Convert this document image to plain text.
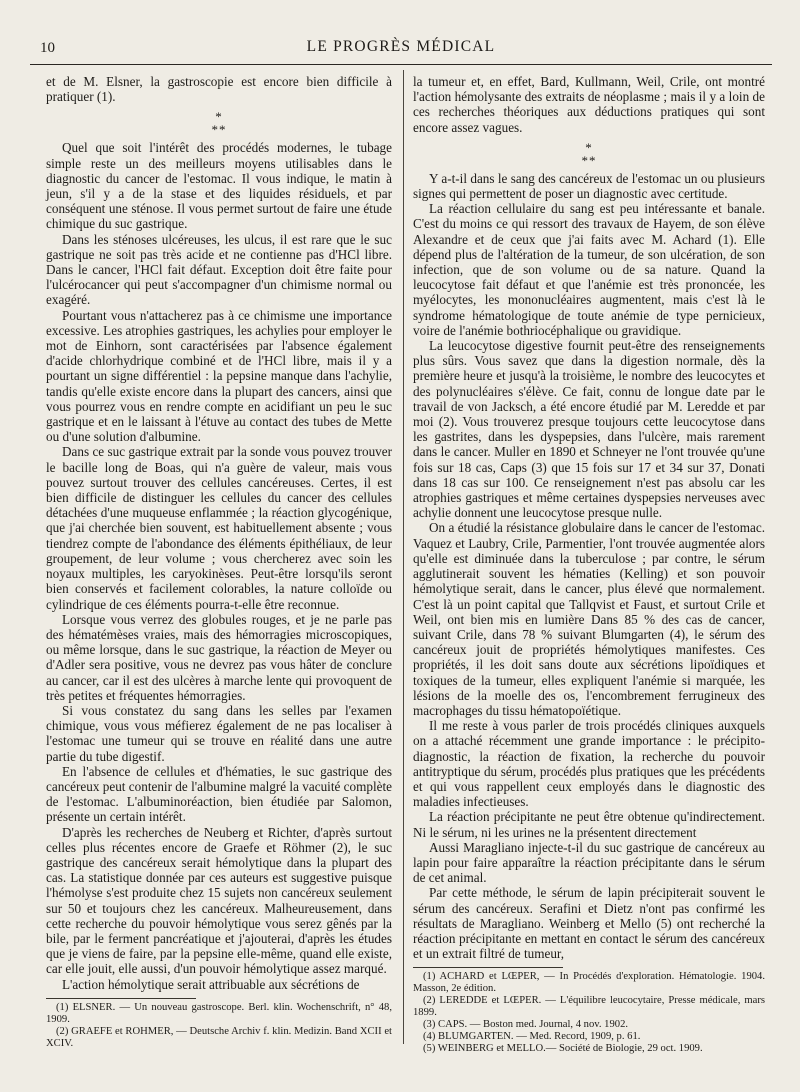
10	LE PROGRÈS MÉDICAL

et de M. Elsner, la gastroscopie est encore bien difficile à pratiquer (1).

*
**

Quel que soit l'intérêt des procédés modernes, le tubage simple reste un des meilleurs moyens utilisables dans le diagnostic du cancer de l'estomac. Il vous indique, le matin à jeun, s'il y a de la stase et des liquides résiduels, et par conséquent une sténose. Il vous permet surtout de faire une étude chimique du suc gastrique.

Dans les sténoses ulcéreuses, les ulcus, il est rare que le suc gastrique ne soit pas très acide et ne contienne pas d'HCl libre. Dans le cancer, l'HCl fait défaut. Exception doit être faite pour l'ulcérocancer qui peut s'accompagner d'un chimisme normal ou exagéré.

Pourtant vous n'attacherez pas à ce chimisme une importance excessive. Les atrophies gastriques, les achylies pour employer le mot de Einhorn, sont caractérisées par l'absence également d'acide chlorhydrique combiné et de l'HCl libre, mais il y a pourtant un signe différentiel : la pepsine manque dans l'achylie, tandis qu'elle existe encore dans la plupart des cancers, ainsi que vous pourrez vous en rendre compte en acidifiant un peu le suc gastrique et en le laissant à l'étuve au contact des tubes de Mette ou d'une solution d'albumine.

Dans ce suc gastrique extrait par la sonde vous pouvez trouver le bacille long de Boas, qui n'a guère de valeur, mais vous pouvez surtout trouver des cellules cancéreuses. Certes, il est bien difficile de distinguer les cellules du cancer des cellules détachées d'une muqueuse enflammée ; la réaction glycogénique, que j'ai cherchée bien souvent, est habituellement absente ; vous tiendrez compte de l'abondance des éléments épithéliaux, de leur groupement, de leur volume ; vous chercherez avec soin les noyaux multiples, les caryokinèses. Peut-être lorsqu'ils seront bien conservés et facilement colorables, la nature colloïde ou cylindrique de ces éléments pourra-t-elle être reconnue.

Lorsque vous verrez des globules rouges, et je ne parle pas des hématémèses vraies, mais des hémorragies microscopiques, ou même lorsque, dans le suc gastrique, la réaction de Meyer ou d'Adler sera positive, vous ne devrez pas vous hâter de conclure au cancer, car il est des ulcères à marche lente qui provoquent de très petites et fréquentes hémorragies.

Si vous constatez du sang dans les selles par l'examen chimique, vous vous méfierez également de ne pas localiser à l'estomac une tumeur qui se trouve en réalité dans une autre partie du tube digestif.

En l'absence de cellules et d'hématies, le suc gastrique des cancéreux peut contenir de l'albumine malgré la vacuité complète de l'estomac. L'albuminoréaction, bien étudiée par Salomon, présente un certain intérêt.

D'après les recherches de Neuberg et Richter, d'après surtout celles plus récentes encore de Graefe et Röhmer (2), le suc gastrique des cancéreux serait hémolytique dans la plupart des cas. La statistique donnée par ces auteurs est suggestive puisque l'hémolyse s'est produite chez 15 sujets non cancéreux seulement sur 50 et toujours chez les cancéreux. Malheureusement, dans cette recherche du pouvoir hémolytique vous serez gênés par la bile, par le ferment pancréatique et j'ajouterai, d'après les études que je viens de faire, par la pepsine elle-même, quand elle existe, car elle jouit, elle aussi, d'un pouvoir hémolytique assez marqué.

L'action hémolytique serait attribuable aux sécrétions de

(1) ELSNER. — Un nouveau gastroscope. Berl. klin. Wochenschrift, n° 48, 1909.

(2) GRAEFE et ROHMER, — Deutsche Archiv f. klin. Medizin. Band XCII et XCIV.

la tumeur et, en effet, Bard, Kullmann, Weil, Crile, ont montré l'action hémolysante des extraits de néoplasme ; mais il y a loin de ces recherches théoriques aux déductions pratiques qui sont encore assez vagues.

*
**

Y a-t-il dans le sang des cancéreux de l'estomac un ou plusieurs signes qui permettent de poser un diagnostic avec certitude.

La réaction cellulaire du sang est peu intéressante et banale. C'est du moins ce qui ressort des travaux de Hayem, de son élève Alexandre et de ceux que j'ai faits avec M. Achard (1). Elle dépend plus de l'altération de la tumeur, de son ulcération, de son infection, que de son volume ou de sa nature. Quand la leucocytose fait défaut et que l'anémie est très prononcée, les myélocytes, les mononucléaires augmentent, mais c'est là le syndrome hématologique de toute anémie de type pernicieux, voire de l'anémie bothriocéphalique ou gravidique.

La leucocytose digestive fournit peut-être des renseignements plus sûrs. Vous savez que dans la digestion normale, dès la première heure et jusqu'à la troisième, le nombre des leucocytes et des polynucléaires s'élève. Ce fait, connu de longue date par le travail de von Jacksch, a été encore étudié par M. Leredde et par moi (2). Vous trouverez presque toujours cette leucocytose dans les gastrites, dans les dyspepsies, dans l'ulcère, mais rarement dans le cancer. Muller en 1890 et Schneyer ne l'ont trouvée qu'une fois sur 18 cas, Caps (3) que 15 fois sur 17 et 34 sur 37, Donati dans 18 cas sur 100. Ce renseignement n'est pas absolu car les atrophies gastriques et même certaines dyspepsies nerveuses avec achylie donnent une leucocytose presque nulle.

On a étudié la résistance globulaire dans le cancer de l'estomac. Vaquez et Laubry, Crile, Parmentier, l'ont trouvée augmentée alors qu'elle est diminuée dans la tuberculose ; par contre, le sérum agglutinerait souvent les hématies (Kelling) et son pouvoir hémolytique serait, dans le cancer, plus élevé que normalement. C'est là un point capital que Tallqvist et Faust, et surtout Crile et Weil, ont bien mis en lumière Dans 85 % des cas de cancer, suivant Crile, dans 78 % suivant Blumgarten (4), le sérum des cancéreux jouit de propriétés hémolytiques manifestes. Ces propriétés, il les doit sans doute aux sécrétions lipoïdiques et toxiques de la tumeur, elles expliquent l'anémie si marquée, les lésions de la moelle des os, l'encombrement ferrugineux des macrophages du tissu hématopoïétique.

Il me reste à vous parler de trois procédés cliniques auxquels on a attaché récemment une grande importance : le précipito-diagnostic, la réaction de fixation, la recherche du pouvoir antitryptique du sérum, procédés plus pratiques que les précédents et qui vous rappellent ceux employés dans le diagnostic des maladies infectieuses.

La réaction précipitante ne peut être obtenue qu'indirectement. Ni le sérum, ni les urines ne la présentent directement

Aussi Maragliano injecte-t-il du suc gastrique de cancéreux au lapin pour faire apparaître la réaction précipitante dans le sérum de cet animal.

Par cette méthode, le sérum de lapin précipiterait souvent le sérum des cancéreux. Serafini et Dietz n'ont pas confirmé les résultats de Maragliano. Weinberg et Mello (5) ont recherché la réaction précipitante en mettant en contact le sérum des cancéreux et un extrait filtré de tumeur,

(1) ACHARD et LŒPER, — In Procédés d'exploration. Hématologie. 1904. Masson, 2e édition.

(2) LEREDDE et LŒPER. — L'équilibre leucocytaire, Presse médicale, mars 1899.

(3) CAPS. — Boston med. Journal, 4 nov. 1902.

(4) BLUMGARTEN. — Med. Record, 1909, p. 61.

(5) WEINBERG et MELLO.— Société de Biologie, 29 oct. 1909.
